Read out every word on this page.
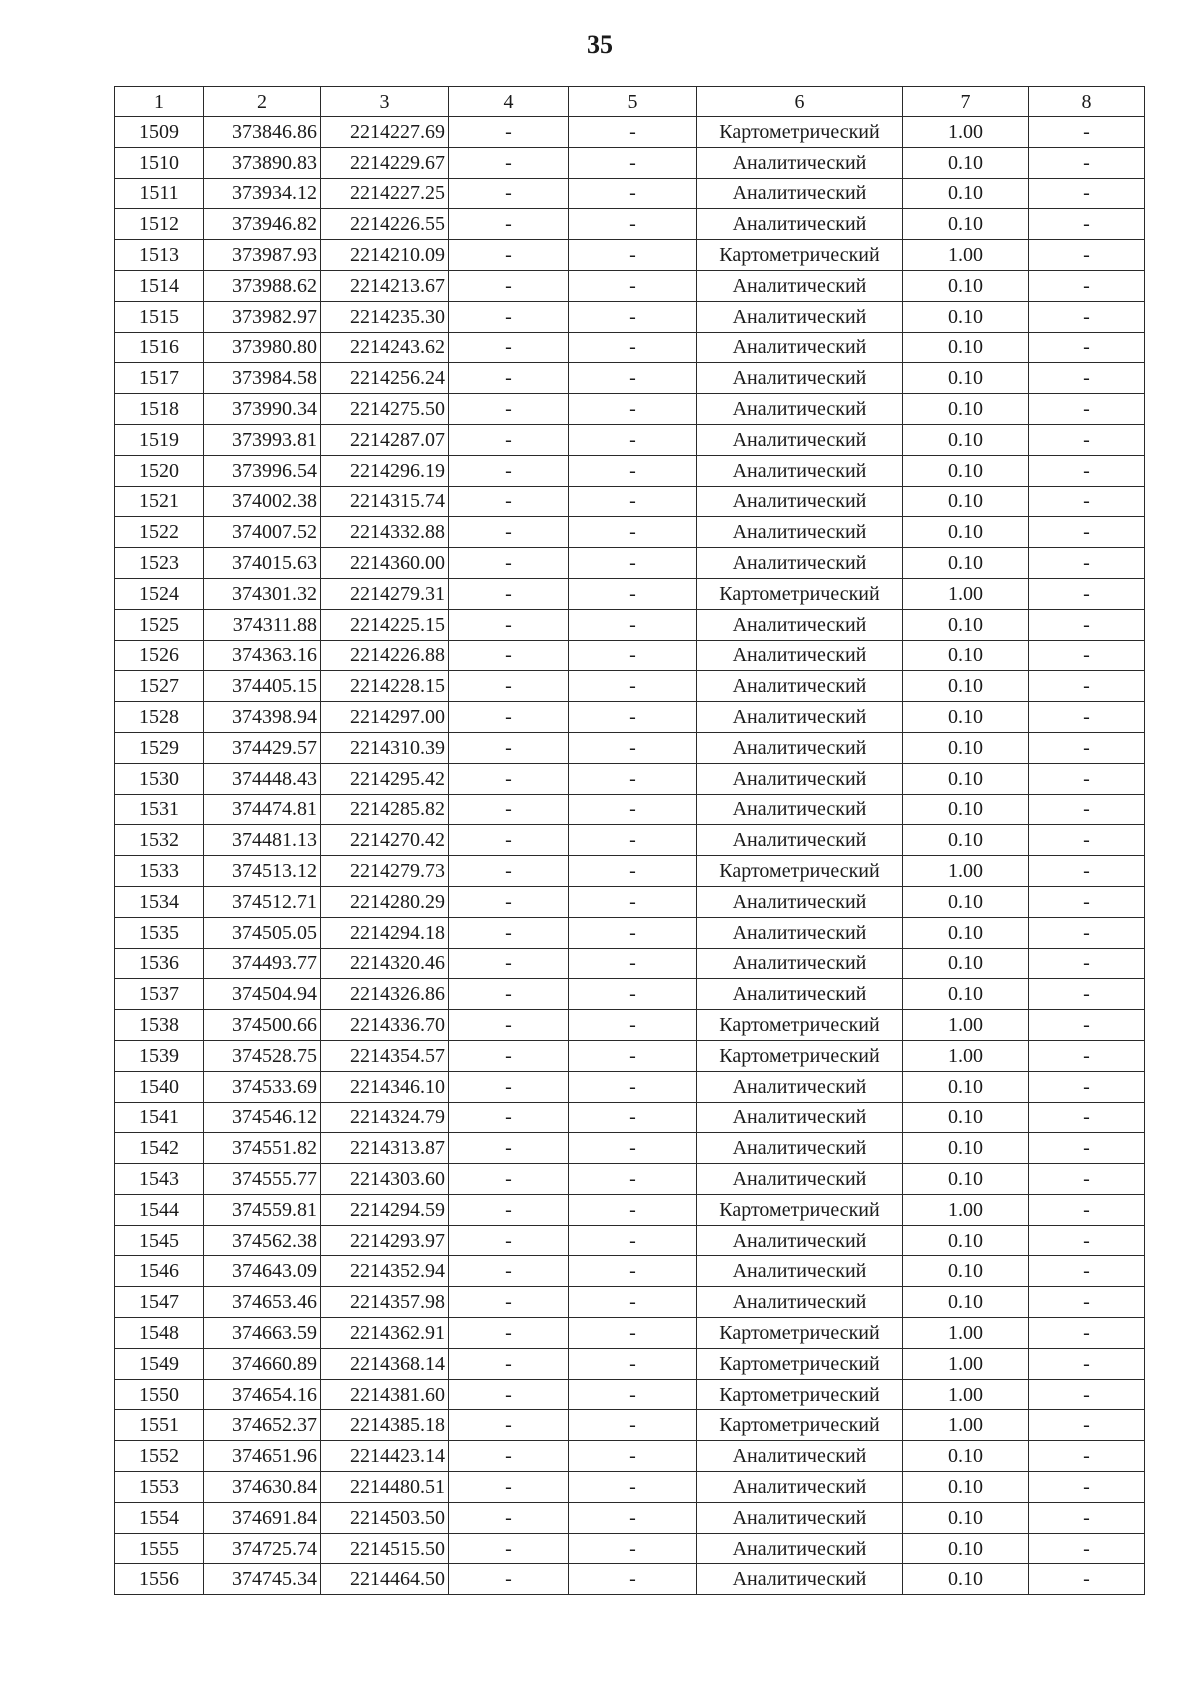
35
1	2	3	4	5	6	7	8
1509	373846.86	2214227.69	-	-	Картометрический	1.00	-
1510	373890.83	2214229.67	-	-	Аналитический	0.10	-
1511	373934.12	2214227.25	-	-	Аналитический	0.10	-
1512	373946.82	2214226.55	-	-	Аналитический	0.10	-
1513	373987.93	2214210.09	-	-	Картометрический	1.00	-
1514	373988.62	2214213.67	-	-	Аналитический	0.10	-
1515	373982.97	2214235.30	-	-	Аналитический	0.10	-
1516	373980.80	2214243.62	-	-	Аналитический	0.10	-
1517	373984.58	2214256.24	-	-	Аналитический	0.10	-
1518	373990.34	2214275.50	-	-	Аналитический	0.10	-
1519	373993.81	2214287.07	-	-	Аналитический	0.10	-
1520	373996.54	2214296.19	-	-	Аналитический	0.10	-
1521	374002.38	2214315.74	-	-	Аналитический	0.10	-
1522	374007.52	2214332.88	-	-	Аналитический	0.10	-
1523	374015.63	2214360.00	-	-	Аналитический	0.10	-
1524	374301.32	2214279.31	-	-	Картометрический	1.00	-
1525	374311.88	2214225.15	-	-	Аналитический	0.10	-
1526	374363.16	2214226.88	-	-	Аналитический	0.10	-
1527	374405.15	2214228.15	-	-	Аналитический	0.10	-
1528	374398.94	2214297.00	-	-	Аналитический	0.10	-
1529	374429.57	2214310.39	-	-	Аналитический	0.10	-
1530	374448.43	2214295.42	-	-	Аналитический	0.10	-
1531	374474.81	2214285.82	-	-	Аналитический	0.10	-
1532	374481.13	2214270.42	-	-	Аналитический	0.10	-
1533	374513.12	2214279.73	-	-	Картометрический	1.00	-
1534	374512.71	2214280.29	-	-	Аналитический	0.10	-
1535	374505.05	2214294.18	-	-	Аналитический	0.10	-
1536	374493.77	2214320.46	-	-	Аналитический	0.10	-
1537	374504.94	2214326.86	-	-	Аналитический	0.10	-
1538	374500.66	2214336.70	-	-	Картометрический	1.00	-
1539	374528.75	2214354.57	-	-	Картометрический	1.00	-
1540	374533.69	2214346.10	-	-	Аналитический	0.10	-
1541	374546.12	2214324.79	-	-	Аналитический	0.10	-
1542	374551.82	2214313.87	-	-	Аналитический	0.10	-
1543	374555.77	2214303.60	-	-	Аналитический	0.10	-
1544	374559.81	2214294.59	-	-	Картометрический	1.00	-
1545	374562.38	2214293.97	-	-	Аналитический	0.10	-
1546	374643.09	2214352.94	-	-	Аналитический	0.10	-
1547	374653.46	2214357.98	-	-	Аналитический	0.10	-
1548	374663.59	2214362.91	-	-	Картометрический	1.00	-
1549	374660.89	2214368.14	-	-	Картометрический	1.00	-
1550	374654.16	2214381.60	-	-	Картометрический	1.00	-
1551	374652.37	2214385.18	-	-	Картометрический	1.00	-
1552	374651.96	2214423.14	-	-	Аналитический	0.10	-
1553	374630.84	2214480.51	-	-	Аналитический	0.10	-
1554	374691.84	2214503.50	-	-	Аналитический	0.10	-
1555	374725.74	2214515.50	-	-	Аналитический	0.10	-
1556	374745.34	2214464.50	-	-	Аналитический	0.10	-
